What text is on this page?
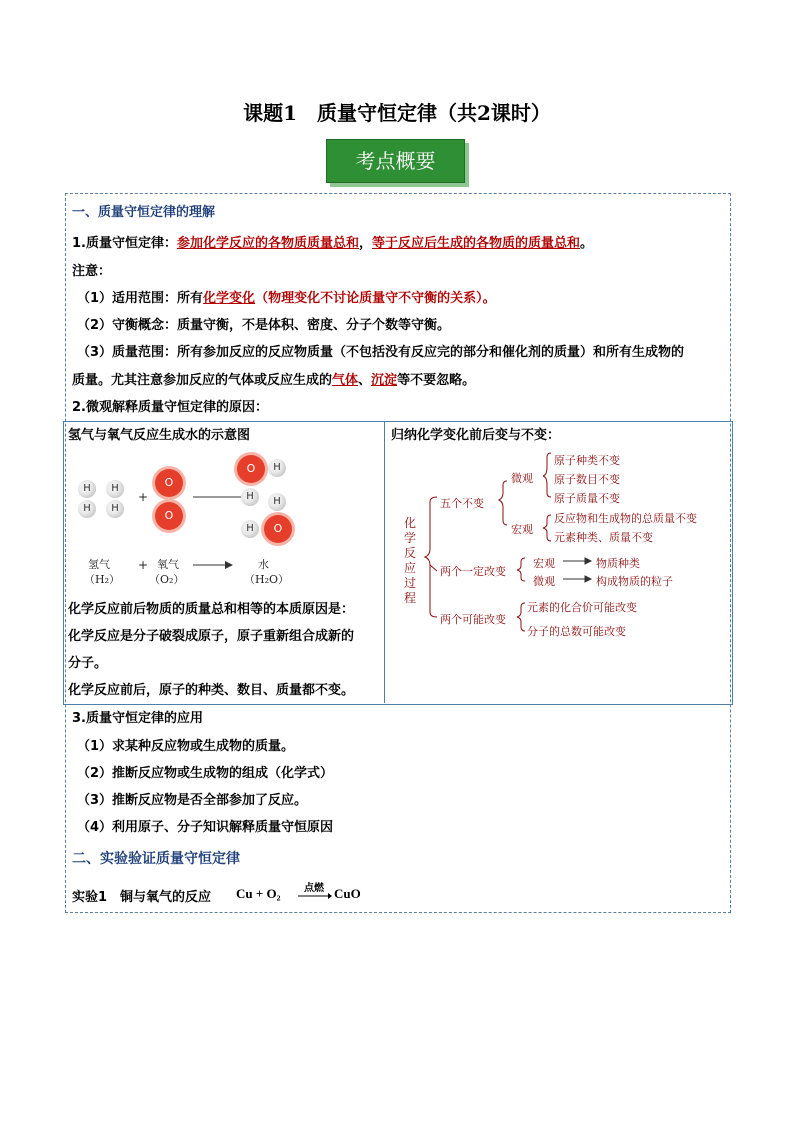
课题1　质量守恒定律（共2课时）
考点概要
一、质量守恒定律的理解
1.质量守恒定律：参加化学反应的各物质质量总和，等于反应后生成的各物质的质量总和。
注意：
（1）适用范围：所有化学变化（物理变化不讨论质量守不守衡的关系）。
（2）守衡概念：质量守衡，不是体积、密度、分子个数等守衡。
（3）质量范围：所有参加反应的反应物质量（不包括没有反应完的部分和催化剂的质量）和所有生成物的
质量。尤其注意参加反应的气体或反应生成的气体、沉淀等不要忽略。
2.微观解释质量守恒定律的原因：
氢气与氧气反应生成水的示意图
H
H
H
H
+
O
O
O	H
H	H
H	O
氢气
（H₂）
+ 氧气
（O₂）
水
（H₂O）
化学反应前后物质的质量总和相等的本质原因是：
化学反应是分子破裂成原子，原子重新组合成新的
分子。
化学反应前后，原子的种类、数目、质量都不变。
归纳化学变化前后变与不变：
化学反应过程
五个不变
微观
原子种类不变
原子数目不变
原子质量不变
宏观
反应物和生成物的总质量不变
元素种类、质量不变
两个一定改变
宏观	物质种类
微观	构成物质的粒子
两个可能改变
元素的化合价可能改变
分子的总数可能改变
3.质量守恒定律的应用
（1）求某种反应物或生成物的质量。
（2）推断反应物或生成物的组成（化学式）
（3）推断反应物是否全部参加了反应。
（4）利用原子、分子知识解释质量守恒原因
二、实验验证质量守恒定律
实验1　铜与氧气的反应 Cu + O₂ 点燃 CuO
